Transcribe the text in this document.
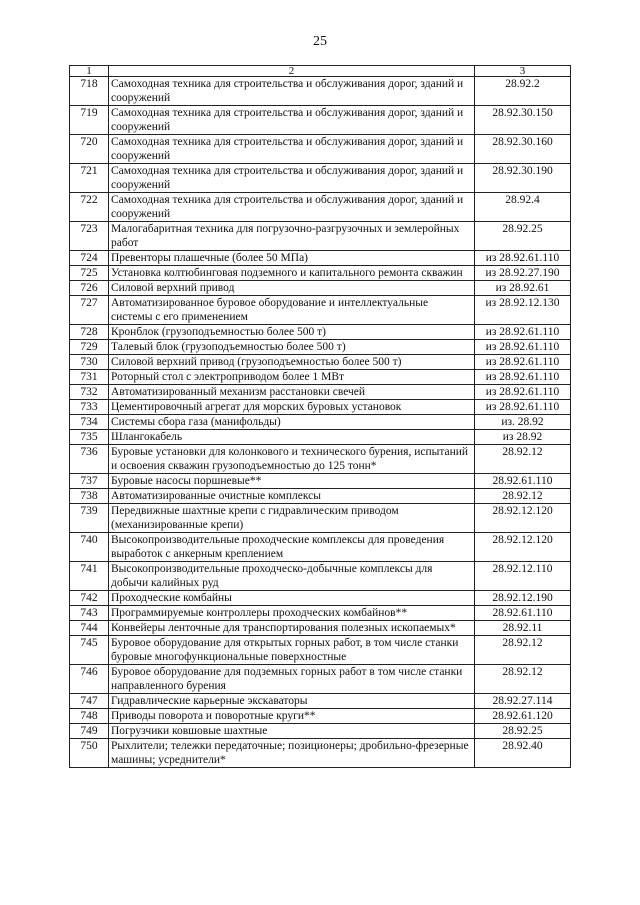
25
1	2	3
718	Самоходная техника для строительства и обслуживания дорог, зданий и сооружений	28.92.2
719	Самоходная техника для строительства и обслуживания дорог, зданий и сооружений	28.92.30.150
720	Самоходная техника для строительства и обслуживания дорог, зданий и сооружений	28.92.30.160
721	Самоходная техника для строительства и обслуживания дорог, зданий и сооружений	28.92.30.190
722	Самоходная техника для строительства и обслуживания дорог, зданий и сооружений	28.92.4
723	Малогабаритная техника для погрузочно-разгрузочных и землеройных работ	28.92.25
724	Превенторы плашечные (более 50 МПа)	из 28.92.61.110
725	Установка колтюбинговая подземного и капитального ремонта скважин	из 28.92.27.190
726	Силовой верхний привод	из 28.92.61
727	Автоматизированное буровое оборудование и интеллектуальные системы с его применением	из 28.92.12.130
728	Кронблок (грузоподъемностью более 500 т)	из 28.92.61.110
729	Талевый блок (грузоподъемностью более 500 т)	из 28.92.61.110
730	Силовой верхний привод (грузоподъемностью более 500 т)	из 28.92.61.110
731	Роторный стол с электроприводом более 1 МВт	из 28.92.61.110
732	Автоматизированный механизм расстановки свечей	из 28.92.61.110
733	Цементировочный агрегат для морских буровых установок	из 28.92.61.110
734	Системы сбора газа (манифольды)	из. 28.92
735	Шлангокабель	из 28.92
736	Буровые установки для колонкового и технического бурения, испытаний и освоения скважин грузоподъемностью до 125 тонн*	28.92.12
737	Буровые насосы поршневые**	28.92.61.110
738	Автоматизированные очистные комплексы	28.92.12
739	Передвижные шахтные крепи с гидравлическим приводом (механизированные крепи)	28.92.12.120
740	Высокопроизводительные проходческие комплексы для проведения выработок с анкерным креплением	28.92.12.120
741	Высокопроизводительные проходческо-добычные комплексы для добычи калийных руд	28.92.12.110
742	Проходческие комбайны	28.92.12.190
743	Программируемые контроллеры проходческих комбайнов**	28.92.61.110
744	Конвейеры ленточные для транспортирования полезных ископаемых*	28.92.11
745	Буровое оборудование для открытых горных работ, в том числе станки буровые многофункциональные поверхностные	28.92.12
746	Буровое оборудование для подземных горных работ в том числе станки направленного бурения	28.92.12
747	Гидравлические карьерные экскаваторы	28.92.27.114
748	Приводы поворота и поворотные круги**	28.92.61.120
749	Погрузчики ковшовые шахтные	28.92.25
750	Рыхлители; тележки передаточные; позиционеры; дробильно-фрезерные машины; усреднители*	28.92.40
